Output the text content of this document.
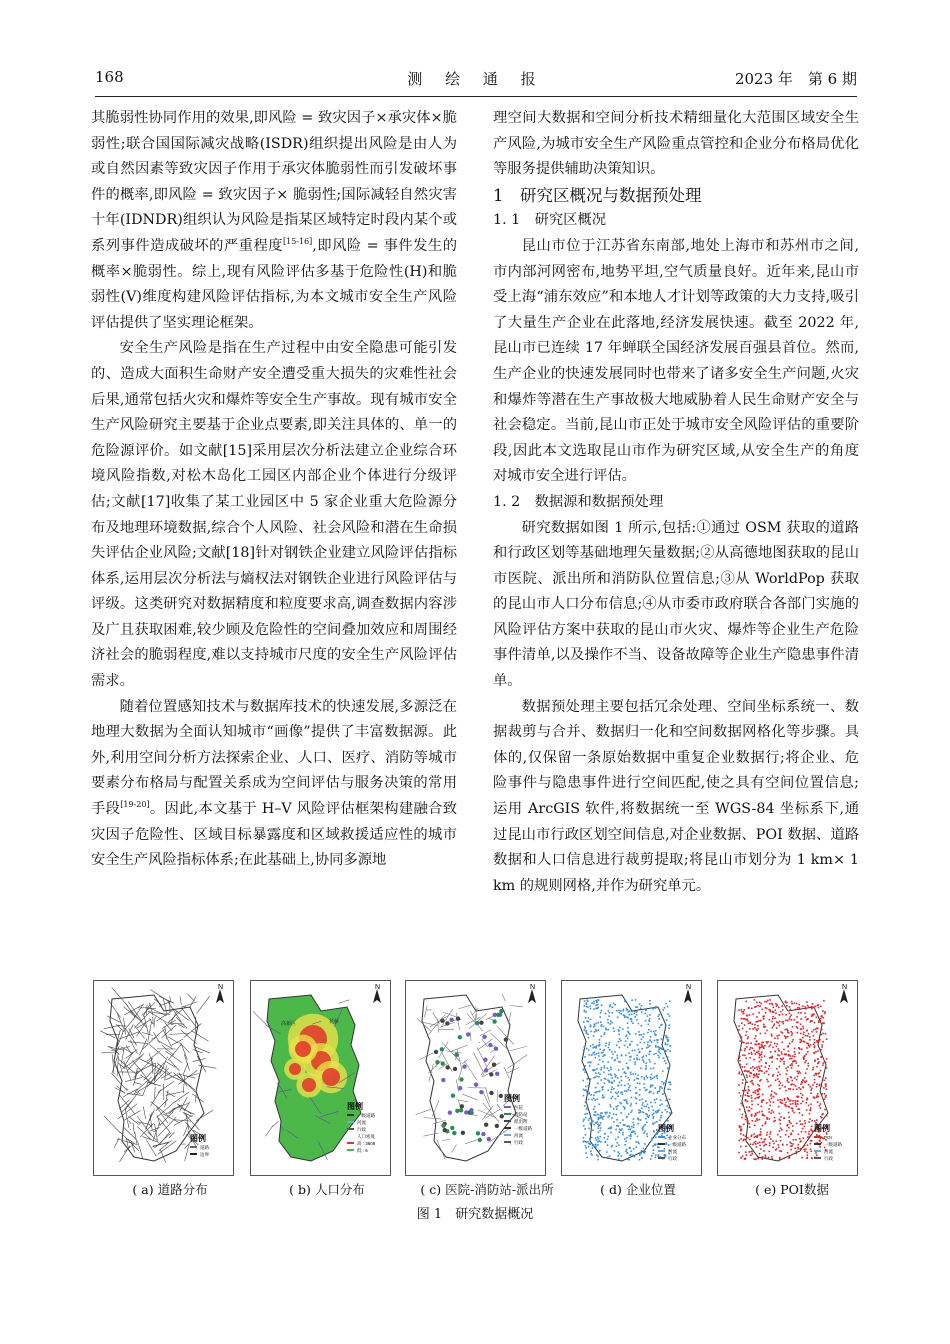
168	测 绘 通 报	2023 年　第 6 期

其脆弱性协同作用的效果,即风险 = 致灾因子×承灾体×脆弱性;联合国国际减灾战略(ISDR)组织提出风险是由人为或自然因素等致灾因子作用于承灾体脆弱性而引发破坏事件的概率,即风险 = 致灾因子× 脆弱性;国际减轻自然灾害十年(IDNDR)组织认为风险是指某区域特定时段内某个或系列事件造成破坏的严重程度[15-16],即风险 = 事件发生的概率×脆弱性。综上,现有风险评估多基于危险性(H)和脆弱性(V)维度构建风险评估指标,为本文城市安全生产风险评估提供了坚实理论框架。

安全生产风险是指在生产过程中由安全隐患可能引发的、造成大面积生命财产安全遭受重大损失的灾难性社会后果,通常包括火灾和爆炸等安全生产事故。现有城市安全生产风险研究主要基于企业点要素,即关注具体的、单一的危险源评价。如文献[15]采用层次分析法建立企业综合环境风险指数,对松木岛化工园区内部企业个体进行分级评估;文献[17]收集了某工业园区中 5 家企业重大危险源分布及地理环境数据,综合个人风险、社会风险和潜在生命损失评估企业风险;文献[18]针对钢铁企业建立风险评估指标体系,运用层次分析法与熵权法对钢铁企业进行风险评估与评级。这类研究对数据精度和粒度要求高,调查数据内容涉及广且获取困难,较少顾及危险性的空间叠加效应和周围经济社会的脆弱程度,难以支持城市尺度的安全生产风险评估需求。

随着位置感知技术与数据库技术的快速发展,多源泛在地理大数据为全面认知城市“画像”提供了丰富数据源。此外,利用空间分析方法探索企业、人口、医疗、消防等城市要素分布格局与配置关系成为空间评估与服务决策的常用手段[19-20]。因此,本文基于 H–V 风险评估框架构建融合致灾因子危险性、区域目标暴露度和区域救援适应性的城市安全生产风险指标体系;在此基础上,协同多源地

理空间大数据和空间分析技术精细量化大范围区域安全生产风险,为城市安全生产风险重点管控和企业分布格局优化等服务提供辅助决策知识。

1　研究区概况与数据预处理

1. 1　研究区概况

昆山市位于江苏省东南部,地处上海市和苏州市之间,市内部河网密布,地势平坦,空气质量良好。近年来,昆山市受上海“浦东效应”和本地人才计划等政策的大力支持,吸引了大量生产企业在此落地,经济发展快速。截至 2022 年,昆山市已连续 17 年蝉联全国经济发展百强县首位。然而,生产企业的快速发展同时也带来了诸多安全生产问题,火灾和爆炸等潜在生产事故极大地威胁着人民生命财产安全与社会稳定。当前,昆山市正处于城市安全风险评估的重要阶段,因此本文选取昆山市作为研究区域,从安全生产的角度对城市安全进行评估。

1. 2　数据源和数据预处理

研究数据如图 1 所示,包括:①通过 OSM 获取的道路和行政区划等基础地理矢量数据;②从高德地图获取的昆山市医院、派出所和消防队位置信息;③从 WorldPop 获取的昆山市人口分布信息;④从市委市政府联合各部门实施的风险评估方案中获取的昆山市火灾、爆炸等企业生产危险事件清单,以及操作不当、设备故障等企业生产隐患事件清单。

数据预处理主要包括冗余处理、空间坐标系统一、数据裁剪与合并、数据归一化和空间数据网格化等步骤。具体的,仅保留一条原始数据中重复企业数据行;将企业、危险事件与隐患事件进行空间匹配,使之具有空间位置信息;运用 ArcGIS 软件,将数据统一至 WGS-84 坐标系下,通过昆山市行政区划空间信息,对企业数据、POI 数据、道路数据和人口信息进行裁剪提取;将昆山市划分为 1 km× 1 km 的规则网格,并作为研究单元。

N
图例
道路
边界
N
图例
一级道路
河流
行政
人口密度
高 : 3606
低 : 6
高新区	花桥
N
图例
医院
消防站
派出所
一级道路
河流
行政
N
图例
企业分布
一级道路
河流
行政
N
图例
POI
一级道路
河流
行政
( a) 道路分布	( b) 人口分布	( c) 医院-消防站-派出所	( d) 企业位置	( e) POI数据
图 1　研究数据概况
